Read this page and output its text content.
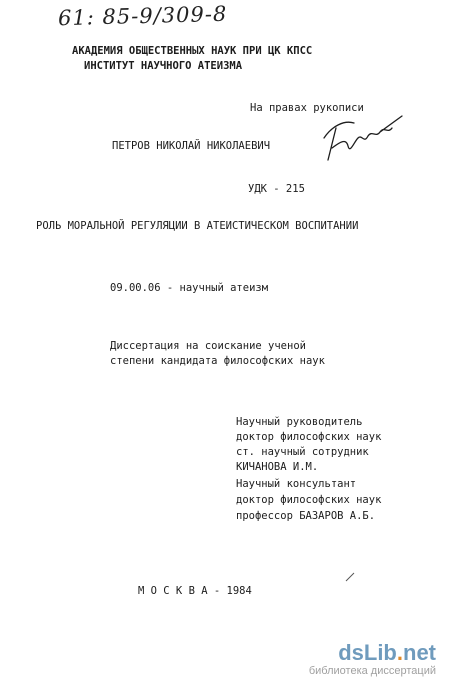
61: 85-9/309-8
АКАДЕМИЯ ОБЩЕСТВЕННЫХ НАУК ПРИ ЦК КПСС
ИНСТИТУТ НАУЧНОГО АТЕИЗМА
На правах рукописи
ПЕТРОВ НИКОЛАЙ НИКОЛАЕВИЧ
УДК - 215
РОЛЬ МОРАЛЬНОЙ РЕГУЛЯЦИИ В АТЕИСТИЧЕСКОМ ВОСПИТАНИИ
09.00.06 - научный атеизм
Диссертация на соискание ученой
степени кандидата философских наук
Научный руководитель
доктор философских наук
ст. научный сотрудник
КИЧАНОВА И.М.
Научный консультант
доктор философских наук
профессор БАЗАРОВ А.Б.
М О С К В А - 1984
dsLib.net
библиотека диссертаций
